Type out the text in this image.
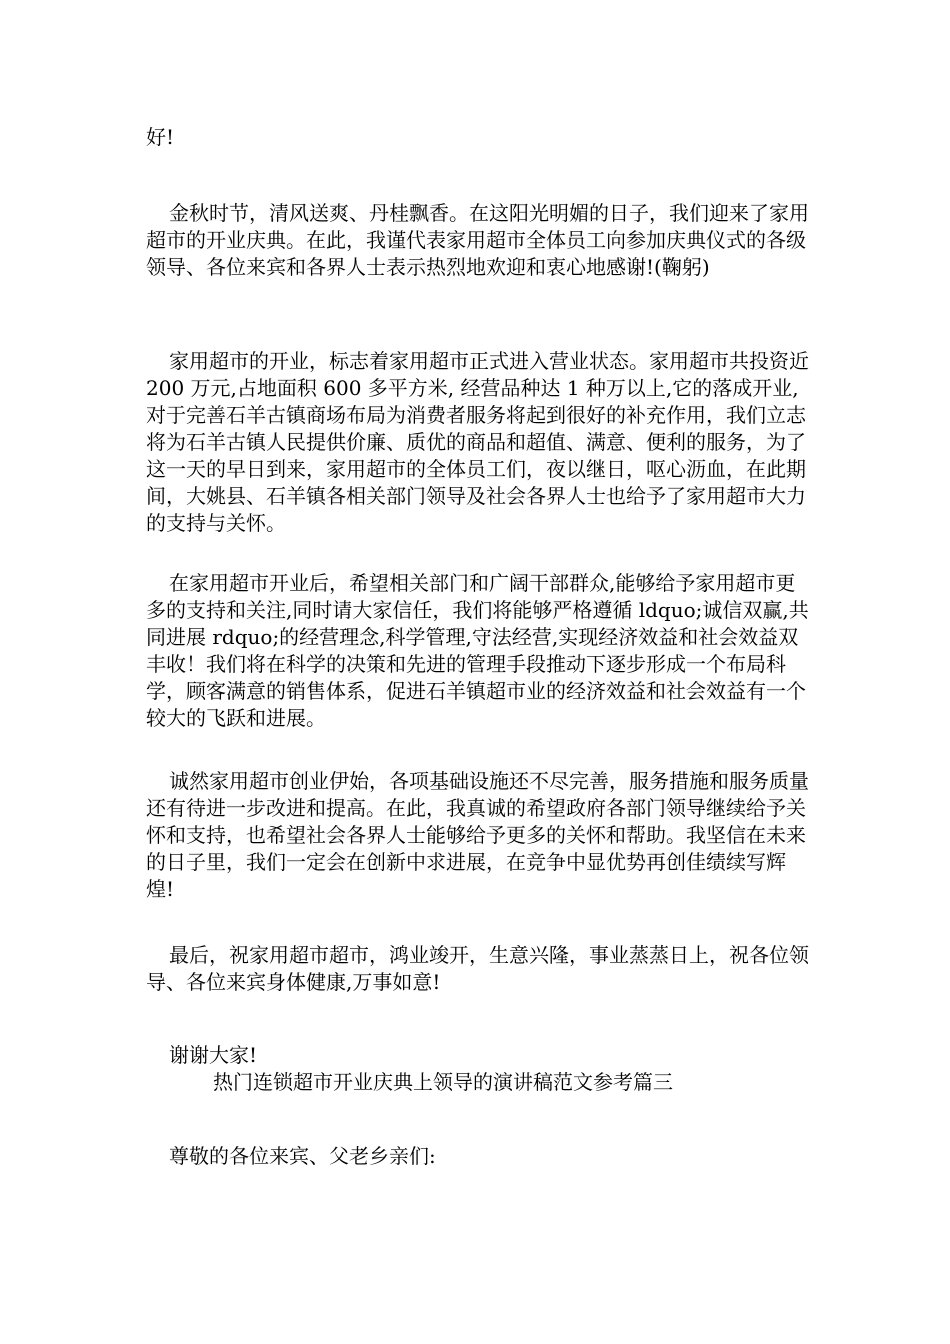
好!

金秋时节，清风送爽、丹桂飘香。在这阳光明媚的日子，我们迎来了家用超市的开业庆典。在此，我谨代表家用超市全体员工向参加庆典仪式的各级领导、各位来宾和各界人士表示热烈地欢迎和衷心地感谢!(鞠躬)

家用超市的开业，标志着家用超市正式进入营业状态。家用超市共投资近 200 万元,占地面积 600 多平方米, 经营品种达 1 种万以上,它的落成开业, 对于完善石羊古镇商场布局为消费者服务将起到很好的补充作用，我们立志将为石羊古镇人民提供价廉、质优的商品和超值、满意、便利的服务，为了这一天的早日到来，家用超市的全体员工们，夜以继日，呕心沥血，在此期间，大姚县、石羊镇各相关部门领导及社会各界人士也给予了家用超市大力的支持与关怀。

在家用超市开业后，希望相关部门和广阔干部群众,能够给予家用超市更多的支持和关注,同时请大家信任，我们将能够严格遵循 ldquo;诚信双赢,共同进展 rdquo;的经营理念,科学管理,守法经营,实现经济效益和社会效益双丰收！我们将在科学的决策和先进的管理手段推动下逐步形成一个布局科学，顾客满意的销售体系，促进石羊镇超市业的经济效益和社会效益有一个较大的飞跃和进展。

诚然家用超市创业伊始，各项基础设施还不尽完善，服务措施和服务质量还有待进一步改进和提高。在此，我真诚的希望政府各部门领导继续给予关怀和支持，也希望社会各界人士能够给予更多的关怀和帮助。我坚信在未来的日子里，我们一定会在创新中求进展，在竞争中显优势再创佳绩续写辉煌!

最后，祝家用超市超市，鸿业竣开，生意兴隆，事业蒸蒸日上，祝各位领导、各位来宾身体健康,万事如意!

谢谢大家!

热门连锁超市开业庆典上领导的演讲稿范文参考篇三

尊敬的各位来宾、父老乡亲们:
